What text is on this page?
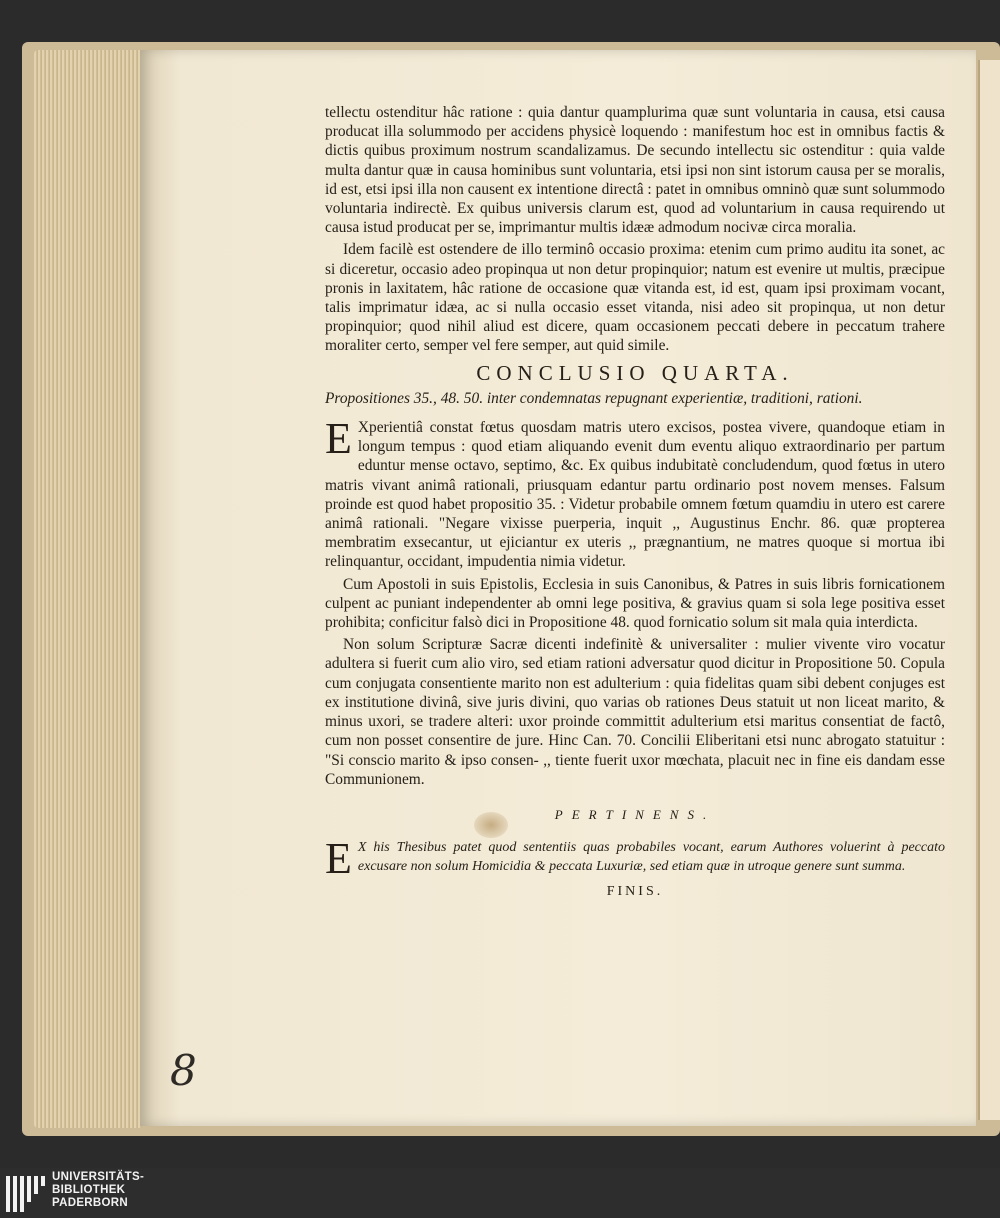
tellectu ostenditur hâc ratione : quia dantur quamplurima quæ sunt voluntaria in causa, etsi causa producat illa solummodo per accidens physicè loquendo : manifestum hoc est in omnibus factis & dictis quibus proximum nostrum scandalizamus. De secundo intellectu sic ostenditur : quia valde multa dantur quæ in causa hominibus sunt voluntaria, etsi ipsi non sint istorum causa per se moralis, id est, etsi ipsi illa non causent ex intentione directâ : patet in omnibus omninò quæ sunt solummodo voluntaria indirectè. Ex quibus universis clarum est, quod ad voluntarium in causa requirendo ut causa istud producat per se, imprimantur multis idææ admodum nocivæ circa moralia.

Idem facilè est ostendere de illo terminô occasio proxima: etenim cum primo auditu ita sonet, ac si diceretur, occasio adeo propinqua ut non detur propinquior; natum est evenire ut multis, præcipue pronis in laxitatem, hâc ratione de occasione quæ vitanda est, id est, quam ipsi proximam vocant, talis imprimatur idæa, ac si nulla occasio esset vitanda, nisi adeo sit propinqua, ut non detur propinquior; quod nihil aliud est dicere, quam occasionem peccati debere in peccatum trahere moraliter certo, semper vel fere semper, aut quid simile.

CONCLUSIO QUARTA.
Propositiones 35., 48. 50. inter condemnatas repugnant experientiæ, traditioni, rationi.

E Xperientiâ constat fœtus quosdam matris utero excisos, postea vivere, quandoque etiam in longum tempus : quod etiam aliquando evenit dum eventu aliquo extraordinario per partum eduntur mense octavo, septimo, &c. Ex quibus indubitatè concludendum, quod fœtus in utero matris vivant animâ rationali, priusquam edantur partu ordinario post novem menses. Falsum proinde est quod habet propositio 35. : Videtur probabile omnem fœtum quamdiu in utero est carere animâ rationali. "Negare vixisse puerperia, inquit ,, Augustinus Enchr. 86. quæ propterea membratim exsecantur, ut ejiciantur ex uteris ,, prægnantium, ne matres quoque si mortua ibi relinquantur, occidant, impudentia nimia videtur.

Cum Apostoli in suis Epistolis, Ecclesia in suis Canonibus, & Patres in suis libris fornicationem culpent ac puniant independenter ab omni lege positiva, & gravius quam si sola lege positiva esset prohibita; conficitur falsò dici in Propositione 48. quod fornicatio solum sit mala quia interdicta.

Non solum Scripturæ Sacræ dicenti indefinitè & universaliter : mulier vivente viro vocatur adultera si fuerit cum alio viro, sed etiam rationi adversatur quod dicitur in Propositione 50. Copula cum conjugata consentiente marito non est adulterium : quia fidelitas quam sibi debent conjuges est ex institutione divinâ, sive juris divini, quo varias ob rationes Deus statuit ut non liceat marito, & minus uxori, se tradere alteri: uxor proinde committit adulterium etsi maritus consentiat de factô, cum non posset consentire de jure. Hinc Can. 70. Concilii Eliberitani etsi nunc abrogato statuitur : "Si conscio marito & ipso consen- ,, tiente fuerit uxor mœchata, placuit nec in fine eis dandam esse Communionem.

PERTINENS.

E X his Thesibus patet quod sententiis quas probabiles vocant, earum Authores voluerint à peccato excusare non solum Homicidia & peccata Luxuriæ, sed etiam quæ in utroque genere sunt summa.

FINIS.
8
UNIVERSITÄTS-
BIBLIOTHEK
PADERBORN
